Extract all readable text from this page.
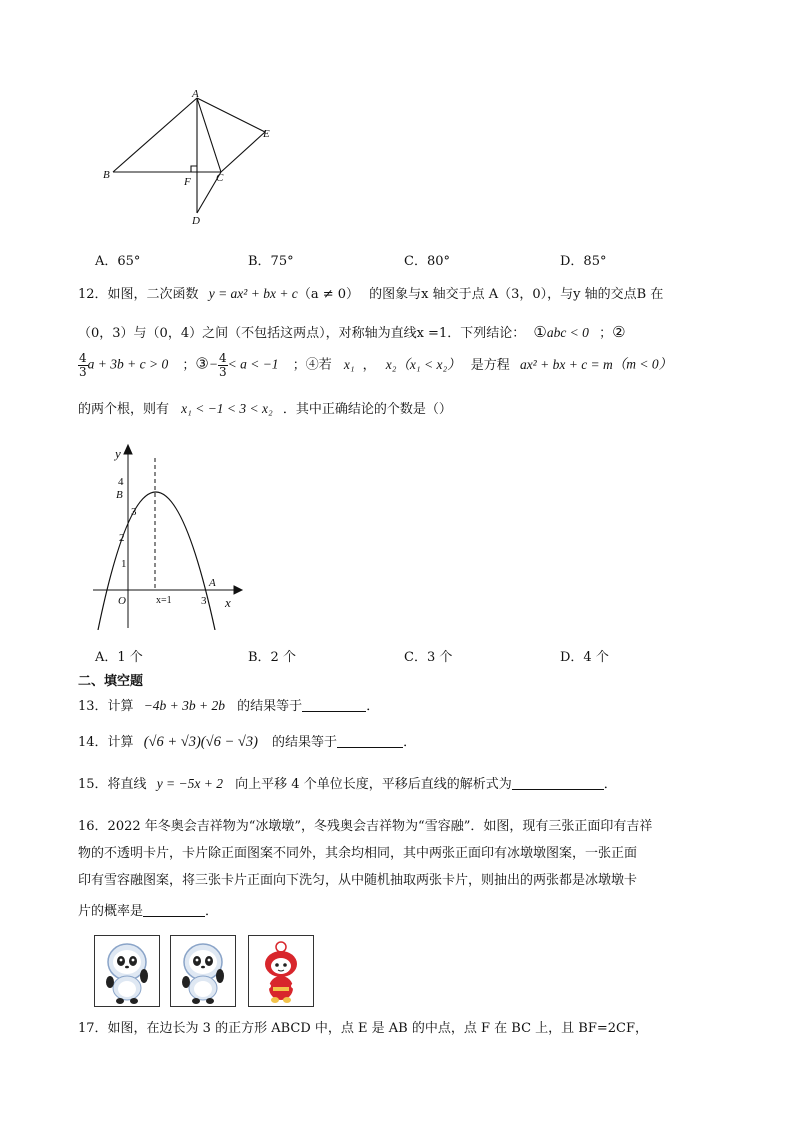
A
B	C
D
E
F
A．65°	B．75°	C．80°	D．85°
12．如图，二次函数 y = ax² + bx + c（a ≠ 0） 的图象与x 轴交于点 A（3，0），与y 轴的交点B 在
（0，3）与（0，4）之间（不包括这两点），对称轴为直线x =1．下列结论： ①abc < 0 ；②
$\frac{4}{3}$ a + 3b + c > 0 ；③− $\frac{4}{3} < a < -1$ ；④若 x₁ ， x₂（x₁ < x₂） 是方程 ax² + bx + c = m（m < 0）
的两个根，则有 x₁ < −1 < 3 < x₂ ．其中正确结论的个数是（）
y
x
O
4
B
3
2
1
3
A
x=1
A．1 个	B．2 个	C．3 个	D．4 个
二、填空题
13．计算 −4b + 3b + 2b 的结果等于	．
14．计算 (√6 + √3)(√6 − √3) 的结果等于	．
15．将直线 y = −5x + 2 向上平移 4 个单位长度，平移后直线的解析式为	．
16．2022 年冬奥会吉祥物为“冰墩墩”，冬残奥会吉祥物为“雪容融”．如图，现有三张正面印有吉祥
物的不透明卡片，卡片除正面图案不同外，其余均相同，其中两张正面印有冰墩墩图案，一张正面
印有雪容融图案，将三张卡片正面向下洗匀，从中随机抽取两张卡片，则抽出的两张都是冰墩墩卡
片的概率是	．
17．如图，在边长为 3 的正方形 ABCD 中，点 E 是 AB 的中点，点 F 在 BC 上，且 BF=2CF，
